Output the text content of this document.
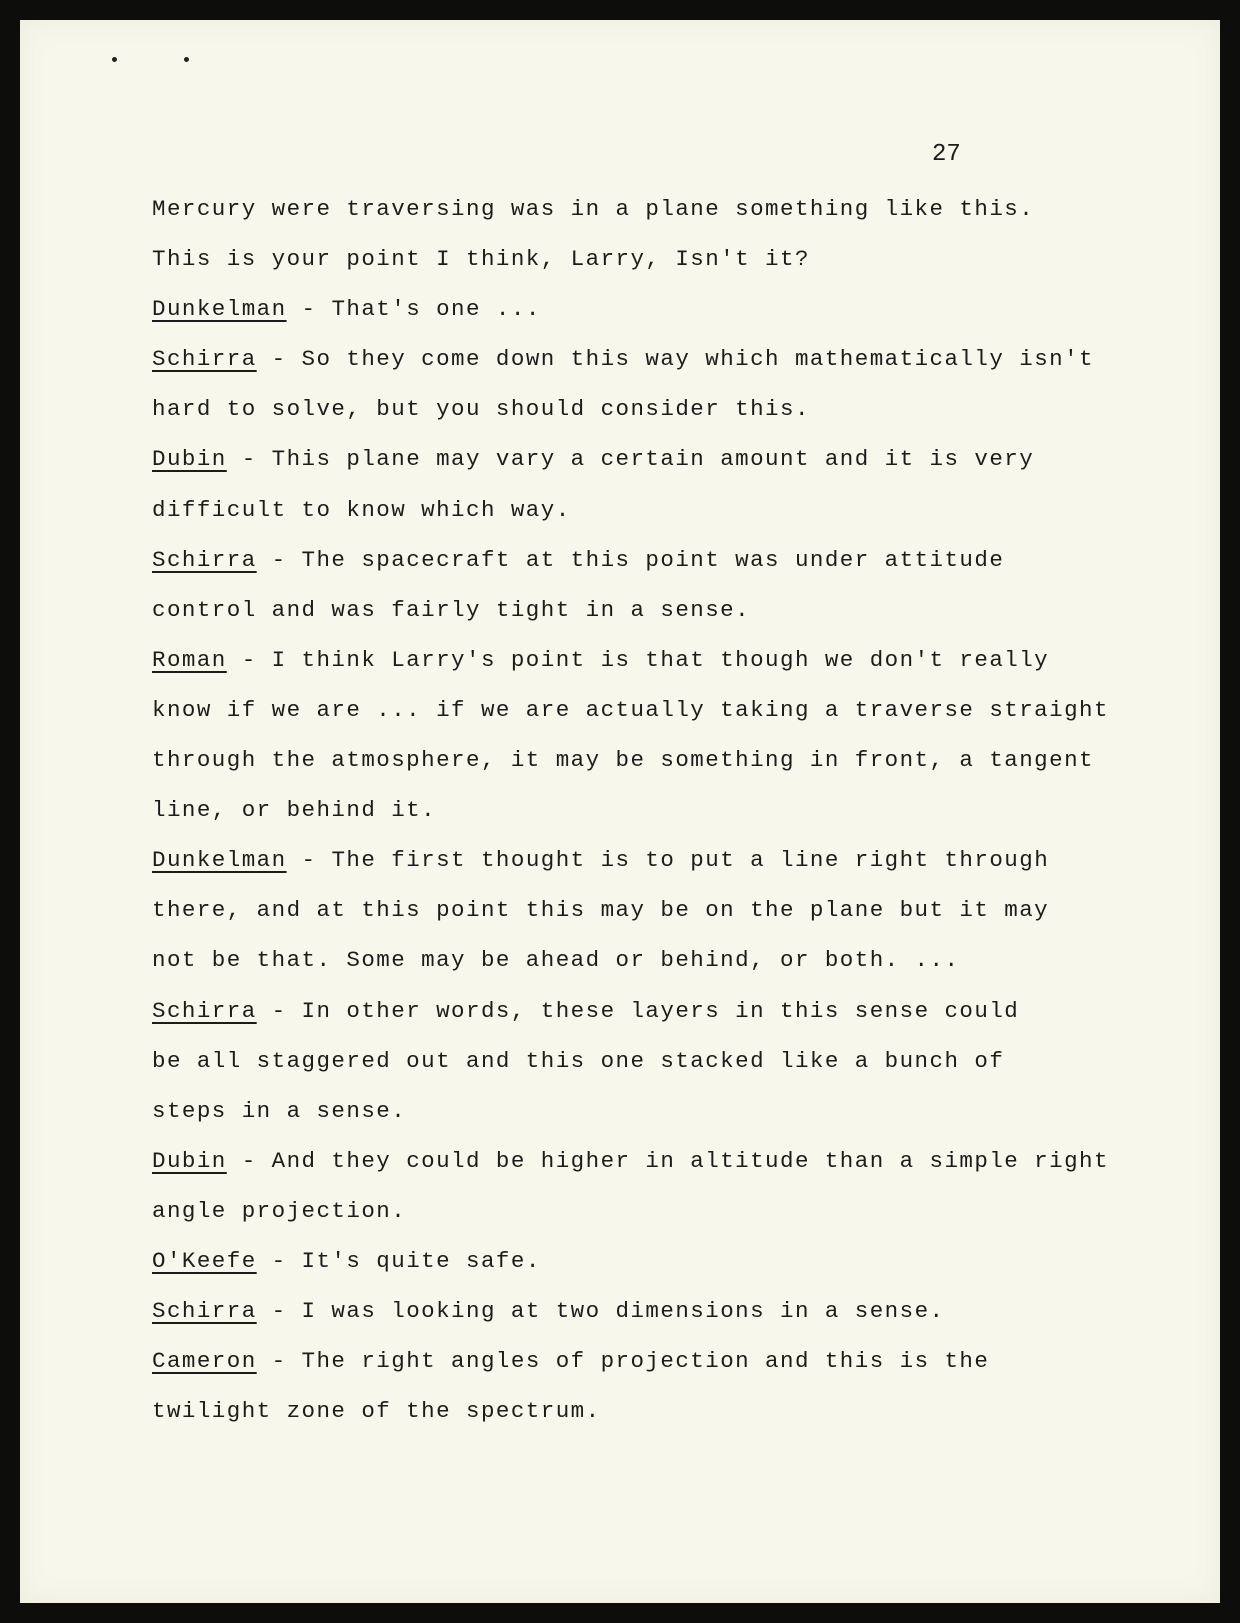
27
Mercury were traversing was in a plane something like this.
This is your point I think, Larry, Isn't it?
Dunkelman - That's one ...
Schirra - So they come down this way which mathematically isn't
hard to solve, but you should consider this.
Dubin - This plane may vary a certain amount and it is very
difficult to know which way.
Schirra - The spacecraft at this point was under attitude
control and was fairly tight in a sense.
Roman - I think Larry's point is that though we don't really
know if we are ... if we are actually taking a traverse straight
through the atmosphere, it may be something in front, a tangent
line, or behind it.
Dunkelman - The first thought is to put a line right through
there, and at this point this may be on the plane but it may
not be that. Some may be ahead or behind, or both. ...
Schirra - In other words, these layers in this sense could
be all staggered out and this one stacked like a bunch of
steps in a sense.
Dubin - And they could be higher in altitude than a simple right
angle projection.
O'Keefe - It's quite safe.
Schirra - I was looking at two dimensions in a sense.
Cameron - The right angles of projection and this is the
twilight zone of the spectrum.
